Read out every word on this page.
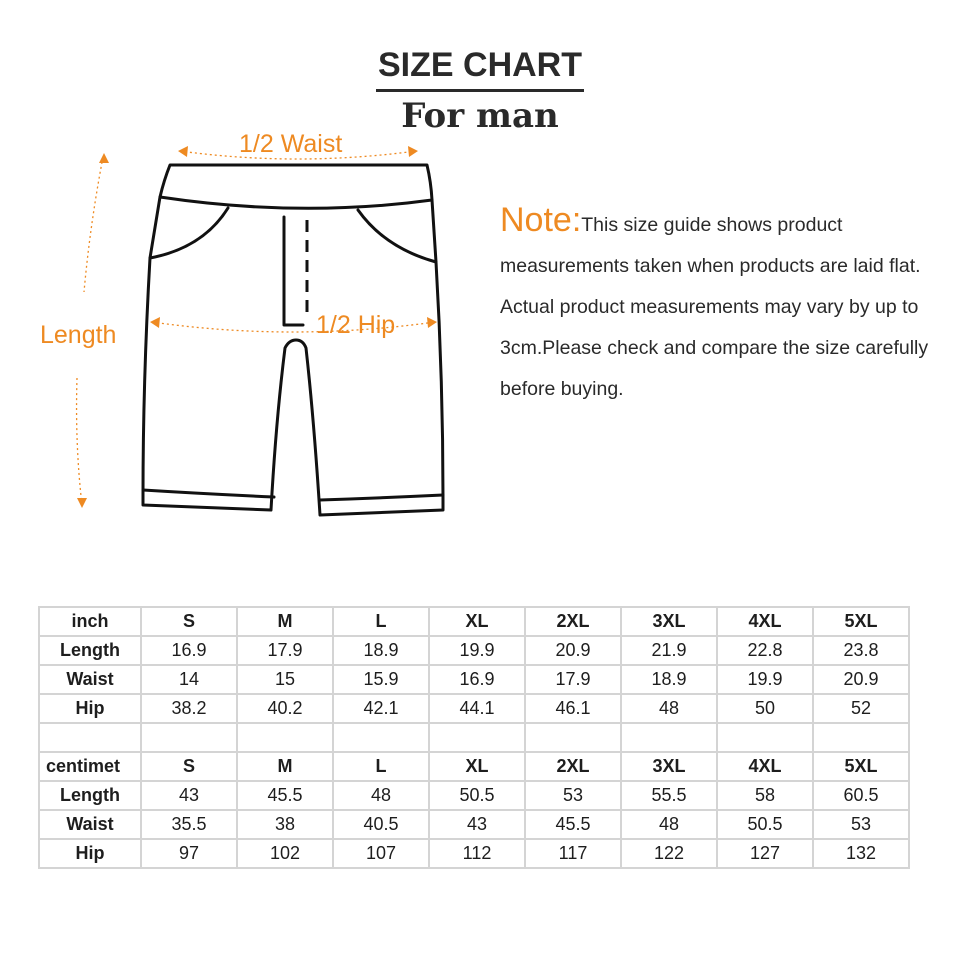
SIZE CHART
For man
1/2 Waist
1/2 Hip
Length
Note:This size guide shows product measurements taken when products are laid flat. Actual product measurements may vary by up to 3cm.Please check and compare the size carefully before buying.
inch	S	M	L	XL	2XL	3XL	4XL	5XL
Length	16.9	17.9	18.9	19.9	20.9	21.9	22.8	23.8
Waist	14	15	15.9	16.9	17.9	18.9	19.9	20.9
Hip	38.2	40.2	42.1	44.1	46.1	48	50	52

centimet	S	M	L	XL	2XL	3XL	4XL	5XL
Length	43	45.5	48	50.5	53	55.5	58	60.5
Waist	35.5	38	40.5	43	45.5	48	50.5	53
Hip	97	102	107	112	117	122	127	132
